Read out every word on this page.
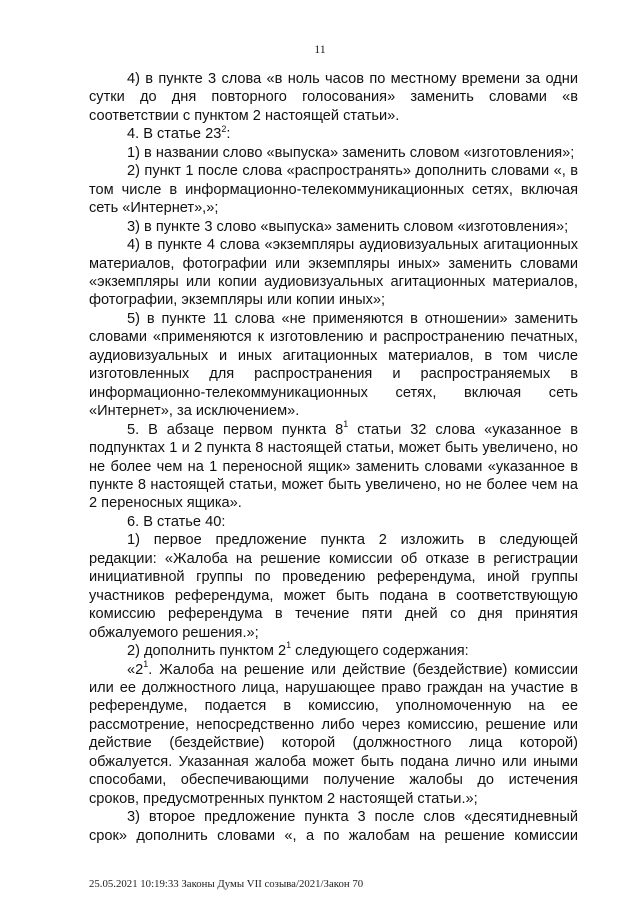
11

4) в пункте 3 слова «в ноль часов по местному времени за одни сутки до дня повторного голосования» заменить словами «в соответствии с пунктом 2 настоящей статьи».

4. В статье $23^2$:

1) в названии слово «выпуска» заменить словом «изготовления»;

2) пункт 1 после слова «распространять» дополнить словами «, в том числе в информационно-телекоммуникационных сетях, включая сеть «Интернет»,»;

3) в пункте 3 слово «выпуска» заменить словом «изготовления»;

4) в пункте 4 слова «экземпляры аудиовизуальных агитационных материалов, фотографии или экземпляры иных» заменить словами «экземпляры или копии аудиовизуальных агитационных материалов, фотографии, экземпляры или копии иных»;

5) в пункте 11 слова «не применяются в отношении» заменить словами «применяются к изготовлению и распространению печатных, аудиовизуальных и иных агитационных материалов, в том числе изготовленных для распространения и распространяемых в информационно-телекоммуникационных сетях, включая сеть «Интернет», за исключением».

5. В абзаце первом пункта $8^1$ статьи 32 слова «указанное в подпунктах 1 и 2 пункта 8 настоящей статьи, может быть увеличено, но не более чем на 1 переносной ящик» заменить словами «указанное в пункте 8 настоящей статьи, может быть увеличено, но не более чем на 2 переносных ящика».

6. В статье 40:

1) первое предложение пункта 2 изложить в следующей редакции: «Жалоба на решение комиссии об отказе в регистрации инициативной группы по проведению референдума, иной группы участников референдума, может быть подана в соответствующую комиссию референдума в течение пяти дней со дня принятия обжалуемого решения.»;

2) дополнить пунктом $2^1$ следующего содержания:

«$2^1$. Жалоба на решение или действие (бездействие) комиссии или ее должностного лица, нарушающее право граждан на участие в референдуме, подается в комиссию, уполномоченную на ее рассмотрение, непосредственно либо через комиссию, решение или действие (бездействие) которой (должностного лица которой) обжалуется. Указанная жалоба может быть подана лично или иными способами, обеспечивающими получение жалобы до истечения сроков, предусмотренных пунктом 2 настоящей статьи.»;

3) второе предложение пункта 3 после слов «десятидневный срок» дополнить словами «, а по жалобам на решение комиссии

25.05.2021 10:19:33 Законы Думы VII созыва/2021/Закон 70
